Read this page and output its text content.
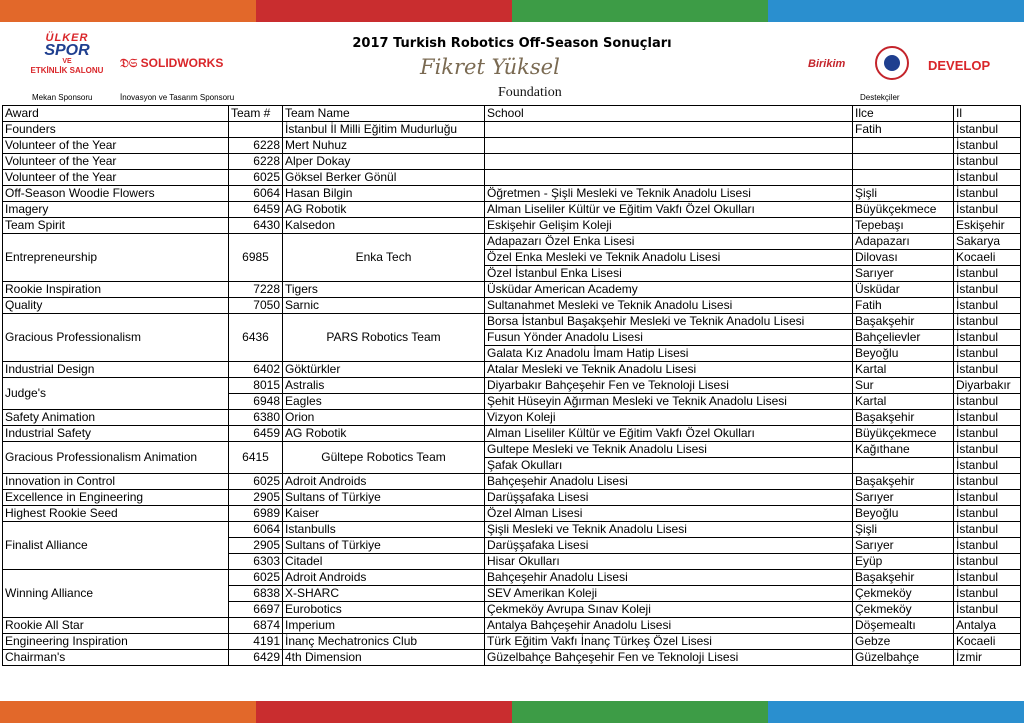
2017 Turkish Robotics Off-Season Sonuçları
ÜLKER
SPOR
VE
ETKİNLİK SALONU
𝔇𝔖 SOLIDWORKS
Mekan Sponsoru	İnovasyon ve Tasarım Sponsoru
Fikret Yüksel
Foundation
Birikim	DEVELOP
Destekçiler
Award	Team #	Team Name	School	Ilce	Il
Founders		İstanbul İl Milli Eğitim Mudurluğu		Fatih	İstanbul
Volunteer of the Year	6228	Mert Nuhuz			İstanbul
Volunteer of the Year	6228	Alper Dokay			İstanbul
Volunteer of the Year	6025	Göksel Berker Gönül			İstanbul
Off-Season Woodie Flowers	6064	Hasan Bilgin	Öğretmen - Şişli Mesleki ve Teknik Anadolu Lisesi	Şişli	İstanbul
Imagery	6459	AG Robotik	Alman Liseliler Kültür ve Eğitim Vakfı Özel Okulları	Büyükçekmece	İstanbul
Team Spirit	6430	Kalsedon	Eskişehir Gelişim Koleji	Tepebaşı	Eskişehir
Entrepreneurship	6985	Enka Tech	Adapazarı Özel Enka Lisesi	Adapazarı	Sakarya
			Özel Enka Mesleki ve Teknik Anadolu Lisesi	Dilovası	Kocaeli
			Özel İstanbul Enka Lisesi	Sarıyer	İstanbul
Rookie Inspiration	7228	Tigers	Üsküdar American Academy	Üsküdar	İstanbul
Quality	7050	Sarnic	Sultanahmet Mesleki ve Teknik Anadolu Lisesi	Fatih	İstanbul
Gracious Professionalism	6436	PARS Robotics Team	Borsa İstanbul Başakşehir Mesleki ve Teknik Anadolu Lisesi	Başakşehir	İstanbul
			Fusun Yönder Anadolu Lisesi	Bahçelievler	İstanbul
			Galata Kız Anadolu İmam Hatip Lisesi	Beyoğlu	İstanbul
Industrial Design	6402	Göktürkler	Atalar Mesleki ve Teknik Anadolu Lisesi	Kartal	İstanbul
Judge's	8015	Astralis	Diyarbakır Bahçeşehir Fen ve Teknoloji Lisesi	Sur	Diyarbakır
	6948	Eagles	Şehit Hüseyin Ağırman Mesleki ve Teknik Anadolu Lisesi	Kartal	İstanbul
Safety Animation	6380	Orion	Vizyon Koleji	Başakşehir	İstanbul
Industrial Safety	6459	AG Robotik	Alman Liseliler Kültür ve Eğitim Vakfı Özel Okulları	Büyükçekmece	İstanbul
Gracious Professionalism Animation	6415	Gültepe Robotics Team	Gultepe Mesleki ve Teknik Anadolu Lisesi	Kağıthane	İstanbul
			Şafak Okulları		İstanbul
Innovation in Control	6025	Adroit Androids	Bahçeşehir Anadolu Lisesi	Başakşehir	İstanbul
Excellence in Engineering	2905	Sultans of Türkiye	Darüşşafaka Lisesi	Sarıyer	İstanbul
Highest Rookie Seed	6989	Kaiser	Özel Alman Lisesi	Beyoğlu	İstanbul
Finalist Alliance	6064	Istanbulls	Şişli Mesleki ve Teknik Anadolu Lisesi	Şişli	İstanbul
	2905	Sultans of Türkiye	Darüşşafaka Lisesi	Sarıyer	İstanbul
	6303	Citadel	Hisar Okulları	Eyüp	İstanbul
Winning Alliance	6025	Adroit Androids	Bahçeşehir Anadolu Lisesi	Başakşehir	İstanbul
	6838	X-SHARC	SEV Amerikan Koleji	Çekmeköy	İstanbul
	6697	Eurobotics	Çekmeköy Avrupa Sınav Koleji	Çekmeköy	İstanbul
Rookie All Star	6874	Imperium	Antalya Bahçeşehir Anadolu Lisesi	Döşemealtı	Antalya
Engineering Inspiration	4191	İnanç Mechatronics Club	Türk Eğitim Vakfı İnanç Türkeş Özel Lisesi	Gebze	Kocaeli
Chairman's	6429	4th Dimension	Güzelbahçe Bahçeşehir Fen ve Teknoloji Lisesi	Güzelbahçe	İzmir
